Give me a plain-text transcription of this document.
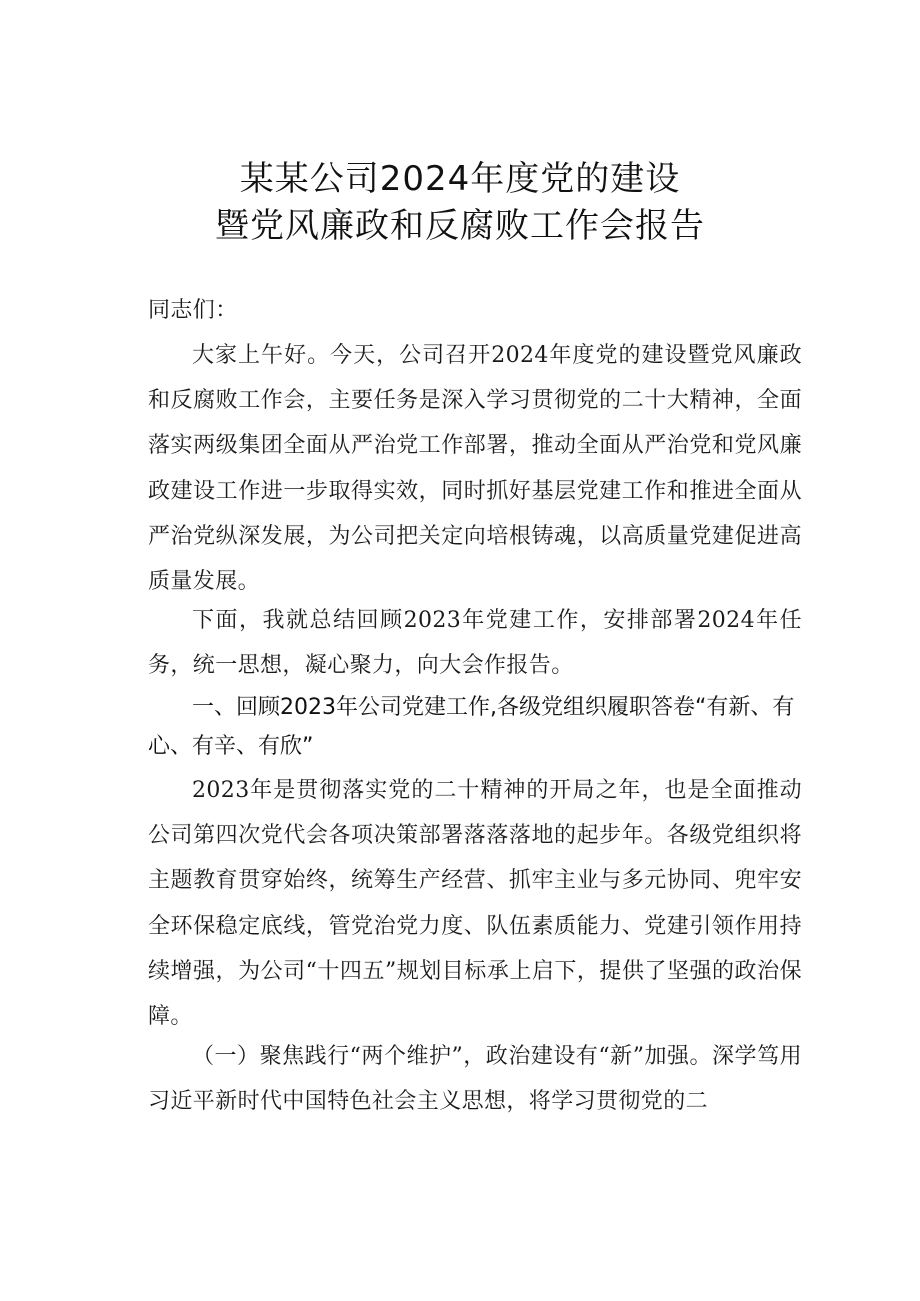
某某公司2024年度党的建设
暨党风廉政和反腐败工作会报告
同志们：

大家上午好。今天，公司召开2024年度党的建设暨党风廉政和反腐败工作会，主要任务是深入学习贯彻党的二十大精神，全面落实两级集团全面从严治党工作部署，推动全面从严治党和党风廉政建设工作进一步取得实效，同时抓好基层党建工作和推进全面从严治党纵深发展，为公司把关定向培根铸魂，以高质量党建促进高质量发展。

下面，我就总结回顾2023年党建工作，安排部署2024年任务，统一思想，凝心聚力，向大会作报告。

一、回顾2023年公司党建工作,各级党组织履职答卷“有新、有心、有辛、有欣”

2023年是贯彻落实党的二十精神的开局之年，也是全面推动公司第四次党代会各项决策部署落落落地的起步年。各级党组织将主题教育贯穿始终，统筹生产经营、抓牢主业与多元协同、兜牢安全环保稳定底线，管党治党力度、队伍素质能力、党建引领作用持续增强，为公司“十四五”规划目标承上启下，提供了坚强的政治保障。

（一）聚焦践行“两个维护”，政治建设有“新”加强。深学笃用习近平新时代中国特色社会主义思想，将学习贯彻党的二
